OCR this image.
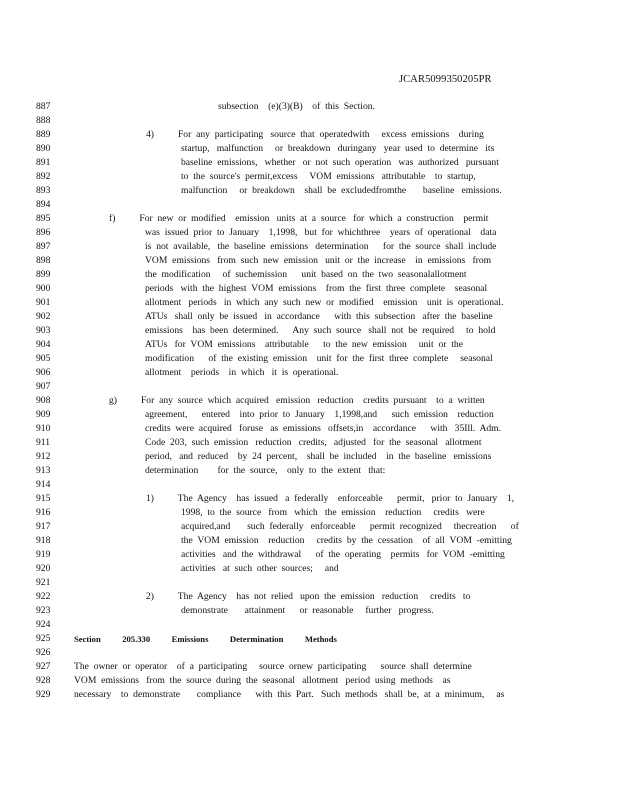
JCAR5099350205PR
887	subsection    (e)(3)(B)    of  this  Section.
888
889	4)          For  any  participating   source  that  operatedwith     excess  emissions    during
890	startup,   malfunction     or  breakdown   duringany   year  used  to  determine   its
891	baseline  emissions,   whether   or  not  such  operation   was  authorized   pursuant
892	to  the  source's  permit,excess     VOM  emissions   attributable    to  startup,
893	malfunction     or  breakdown    shall  be  excludedfromthe       baseline   emissions.
894
895	f)          For  new  or  modified    emission   units  at  a  source   for  which  a  construction    permit
896	was  issued  prior  to  January    1,1998,   but  for  whichthree    years  of  operational    data
897	is  not  available,   the  baseline  emissions   determination      for  the  source  shall  include
898	VOM  emissions   from  such  new  emission   unit  or  the  increase    in  emissions   from
899	the  modification     of  suchemission      unit  based  on  the  two  seasonalallotment
900	periods   with  the  highest  VOM  emissions    from  the  first  three  complete    seasonal
901	allotment   periods   in  which  any  such  new  or  modified    emission    unit  is  operational.
902	ATUs   shall  only  be  issued   in  accordance      with  this  subsection   after  the  baseline
903	emissions    has  been  determined.      Any  such  source   shall  not  be  required     to  hold
904	ATUs   for  VOM  emissions    attributable      to  the  new  emission     unit  or  the
905	modification      of  the  existing  emission    unit  for  the  first  three  complete     seasonal
906	allotment    periods    in  which   it  is  operational.
907
908	g)          For  any  source  which  acquired   emission   reduction    credits  pursuant    to  a  written
909	agreement,      entered    into  prior  to  January    1,1998,and      such  emission    reduction
910	credits  were  acquired   foruse   as  emissions   offsets,in    accordance      with   35Ill.  Adm.
911	Code  203,  such  emission   reduction   credits,   adjusted   for  the  seasonal   allotment
912	period,   and  reduced    by  24  percent,    shall  be  included    in  the  baseline   emissions
913	determination        for  the  source,    only  to  the  extent   that:
914
915	1)          The  Agency    has  issued   a  federally    enforceable      permit,   prior  to  January    1,
916	1998,  to  the  source   from   which   the  emission    reduction     credits   were
917	acquired,and       such  federally   enforceable      permit  recognized     thecreation      of
918	the  VOM  emission    reduction     credits  by  the  cessation    of  all  VOM  -emitting
919	activities   and  the  withdrawal      of  the  operating    permits   for  VOM  -emitting
920	activities   at  such  other  sources;     and
921
922	2)          The  Agency    has  not  relied   upon  the  emission   reduction     credits   to
923	demonstrate       attainment      or  reasonable     further   progress.
924
925	Section          205.330          Emissions          Determination          Methods
926
927	The  owner  or  operator    of  a  participating     source  ornew  participating      source  shall  determine
928	VOM  emissions   from  the  source  during  the  seasonal   allotment   period  using  methods    as
929	necessary    to  demonstrate       compliance      with  this  Part.   Such  methods   shall  be,  at  a  minimum,     as
